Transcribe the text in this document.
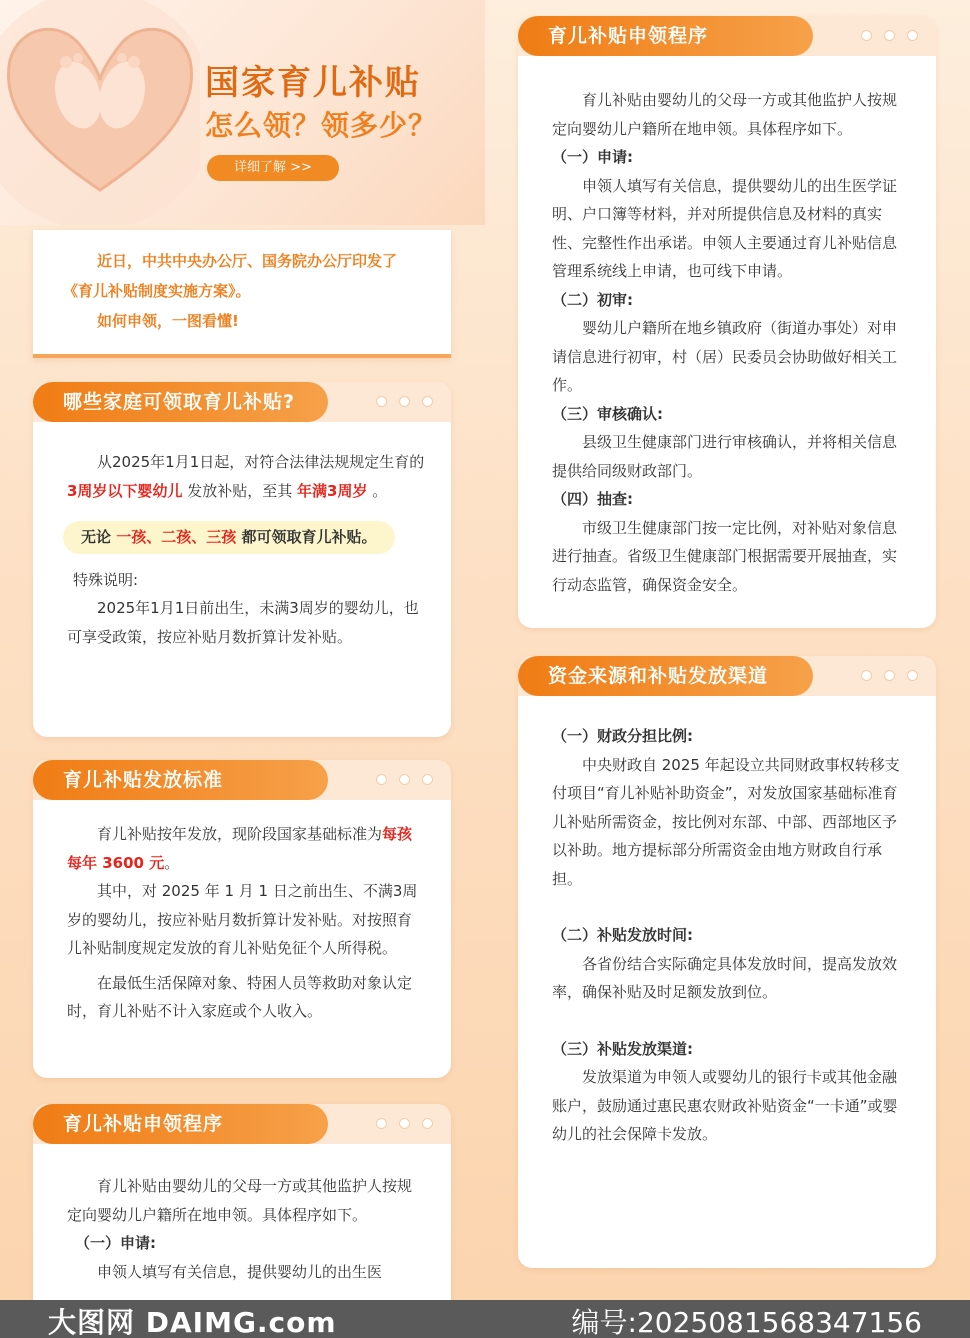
国家育儿补贴
怎么领？领多少？
详细了解 >>

近日，中共中央办公厅、国务院办公厅印发了《育儿补贴制度实施方案》。

如何申领，一图看懂!

哪些家庭可领取育儿补贴?

从2025年1月1日起，对符合法律法规规定生育的 3周岁以下婴幼儿 发放补贴，至其 年满3周岁 。

无论 一孩、二孩、三孩 都可领取育儿补贴。

特殊说明:

2025年1月1日前出生，未满3周岁的婴幼儿，也可享受政策，按应补贴月数折算计发补贴。

育儿补贴发放标准

育儿补贴按年发放，现阶段国家基础标准为每孩每年 3600 元。

其中，对 2025 年 1 月 1 日之前出生、不满3周岁的婴幼儿，按应补贴月数折算计发补贴。对按照育儿补贴制度规定发放的育儿补贴免征个人所得税。

在最低生活保障对象、特困人员等救助对象认定时，育儿补贴不计入家庭或个人收入。

育儿补贴申领程序

育儿补贴由婴幼儿的父母一方或其他监护人按规定向婴幼儿户籍所在地申领。具体程序如下。

（一）申请:

申领人填写有关信息，提供婴幼儿的出生医

育儿补贴申领程序

育儿补贴由婴幼儿的父母一方或其他监护人按规定向婴幼儿户籍所在地申领。具体程序如下。

（一）申请:

申领人填写有关信息，提供婴幼儿的出生医学证明、户口簿等材料，并对所提供信息及材料的真实性、完整性作出承诺。申领人主要通过育儿补贴信息管理系统线上申请，也可线下申请。

（二）初审:

婴幼儿户籍所在地乡镇政府（街道办事处）对申请信息进行初审，村（居）民委员会协助做好相关工作。

（三）审核确认:

县级卫生健康部门进行审核确认，并将相关信息提供给同级财政部门。

（四）抽查:

市级卫生健康部门按一定比例，对补贴对象信息进行抽查。省级卫生健康部门根据需要开展抽查，实行动态监管，确保资金安全。

资金来源和补贴发放渠道

（一）财政分担比例:

中央财政自 2025 年起设立共同财政事权转移支付项目“育儿补贴补助资金”，对发放国家基础标准育儿补贴所需资金，按比例对东部、中部、西部地区予以补助。地方提标部分所需资金由地方财政自行承担。

（二）补贴发放时间:

各省份结合实际确定具体发放时间，提高发放效率，确保补贴及时足额发放到位。

（三）补贴发放渠道:

发放渠道为申领人或婴幼儿的银行卡或其他金融账户，鼓励通过惠民惠农财政补贴资金“一卡通”或婴幼儿的社会保障卡发放。

大图网 DAIMG.com	编号:20250815683471​56
